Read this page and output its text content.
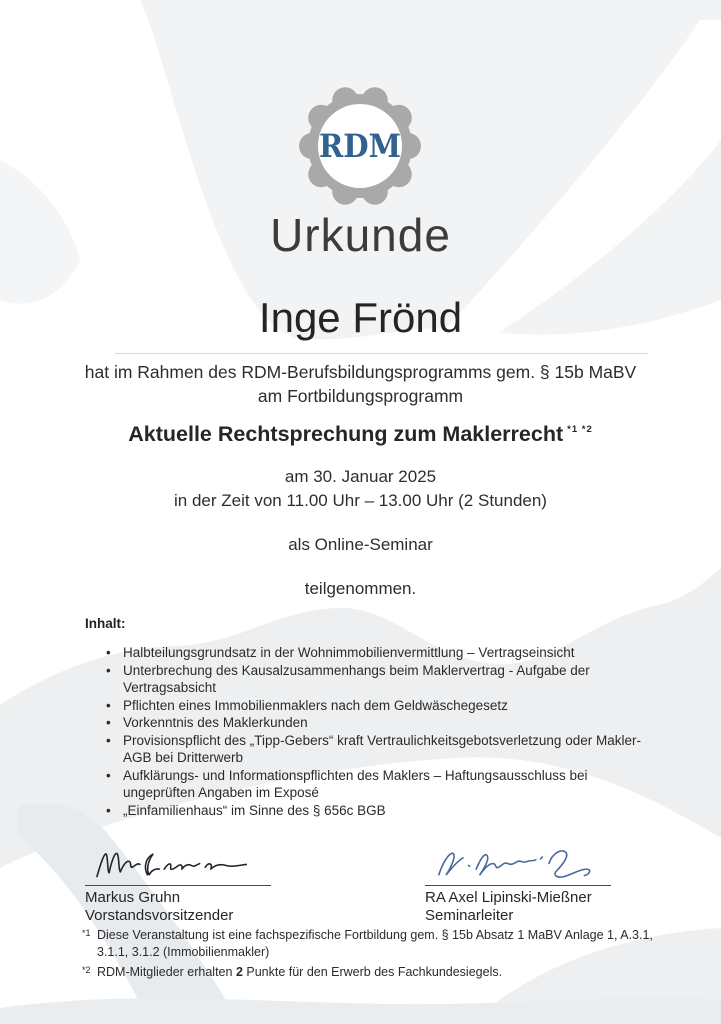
RDM
Urkunde
Inge Frönd
hat im Rahmen des RDM-Berufsbildungsprogramms gem. § 15b MaBV
am Fortbildungsprogramm
Aktuelle Rechtsprechung zum Maklerrecht $^{*1 *2}$
am 30. Januar 2025
in der Zeit von 11.00 Uhr – 13.00 Uhr (2 Stunden)
als Online-Seminar
teilgenommen.
Inhalt:
• Halbteilungsgrundsatz in der Wohnimmobilienvermittlung – Vertragseinsicht
• Unterbrechung des Kausalzusammenhangs beim Maklervertrag - Aufgabe der Vertragsabsicht
• Pflichten eines Immobilienmaklers nach dem Geldwäschegesetz
• Vorkenntnis des Maklerkunden
• Provisionspflicht des „Tipp-Gebers“ kraft Vertraulichkeitsgebotsverletzung oder Makler-AGB bei Dritterwerb
• Aufklärungs- und Informationspflichten des Maklers – Haftungsausschluss bei ungeprüften Angaben im Exposé
• „Einfamilienhaus“ im Sinne des § 656c BGB
Markus Gruhn
Vorstandsvorsitzender
RA Axel Lipinski-Mießner
Seminarleiter
*1 Diese Veranstaltung ist eine fachspezifische Fortbildung gem. § 15b Absatz 1 MaBV Anlage 1, A.3.1, 3.1.1, 3.1.2 (Immobilienmakler)
*2 RDM-Mitglieder erhalten 2 Punkte für den Erwerb des Fachkundesiegels.
